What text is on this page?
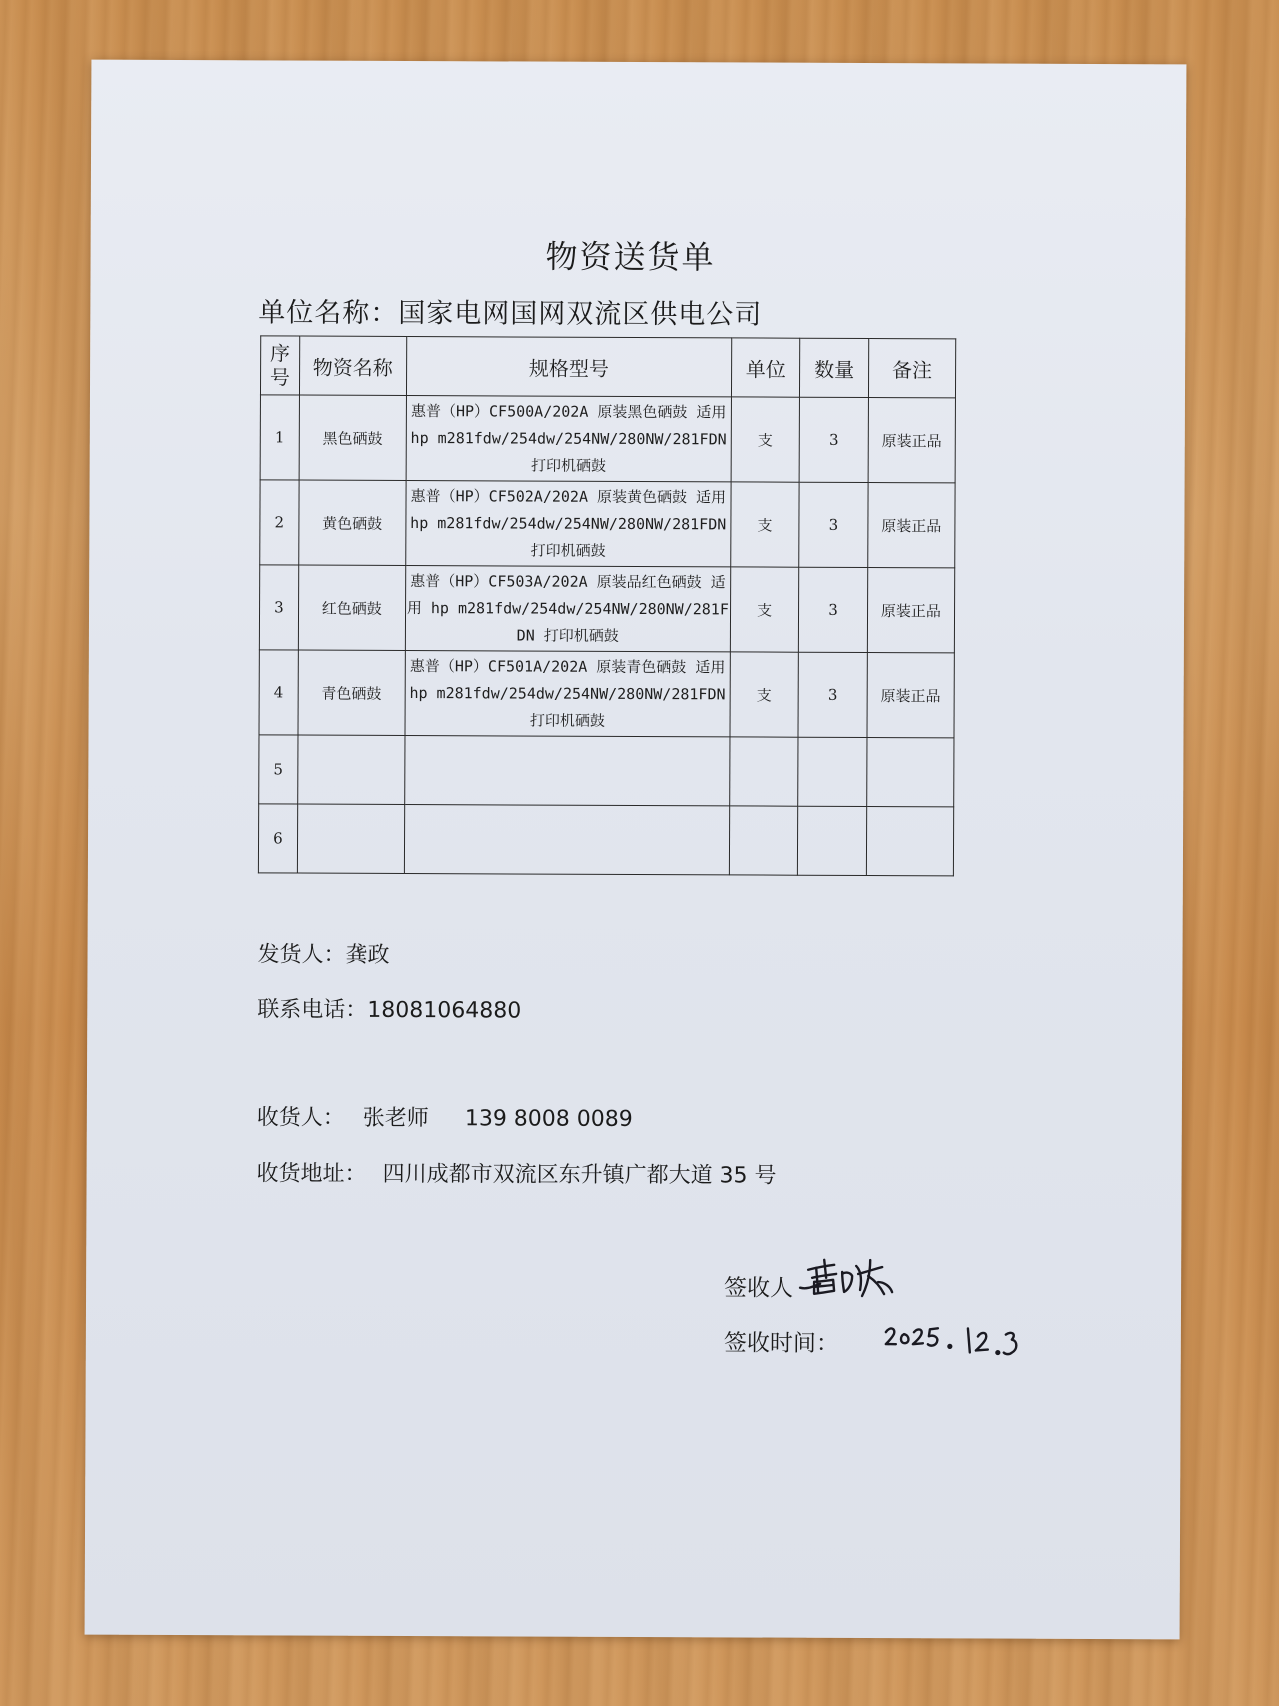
物资送货单
单位名称：国家电网国网双流区供电公司
序
号	物资名称	规格型号	单位	数量	备注
1	黑色硒鼓	惠普（HP）CF500A/202A 原装黑色硒鼓 适用 hp m281fdw/254dw/254NW/280NW/281FDN 打印机硒鼓	支	3	原装正品
2	黄色硒鼓	惠普（HP）CF502A/202A 原装黄色硒鼓 适用 hp m281fdw/254dw/254NW/280NW/281FDN 打印机硒鼓	支	3	原装正品
3	红色硒鼓	惠普（HP）CF503A/202A 原装品红色硒鼓 适用 hp m281fdw/254dw/254NW/280NW/281FDN 打印机硒鼓	支	3	原装正品
4	青色硒鼓	惠普（HP）CF501A/202A 原装青色硒鼓 适用 hp m281fdw/254dw/254NW/280NW/281FDN 打印机硒鼓	支	3	原装正品
5					
6					
发货人：龚政
联系电话：18081064880
收货人： 张老师 139 8008 0089
收货地址： 四川成都市双流区东升镇广都大道 35 号
签收人
签收时间：
